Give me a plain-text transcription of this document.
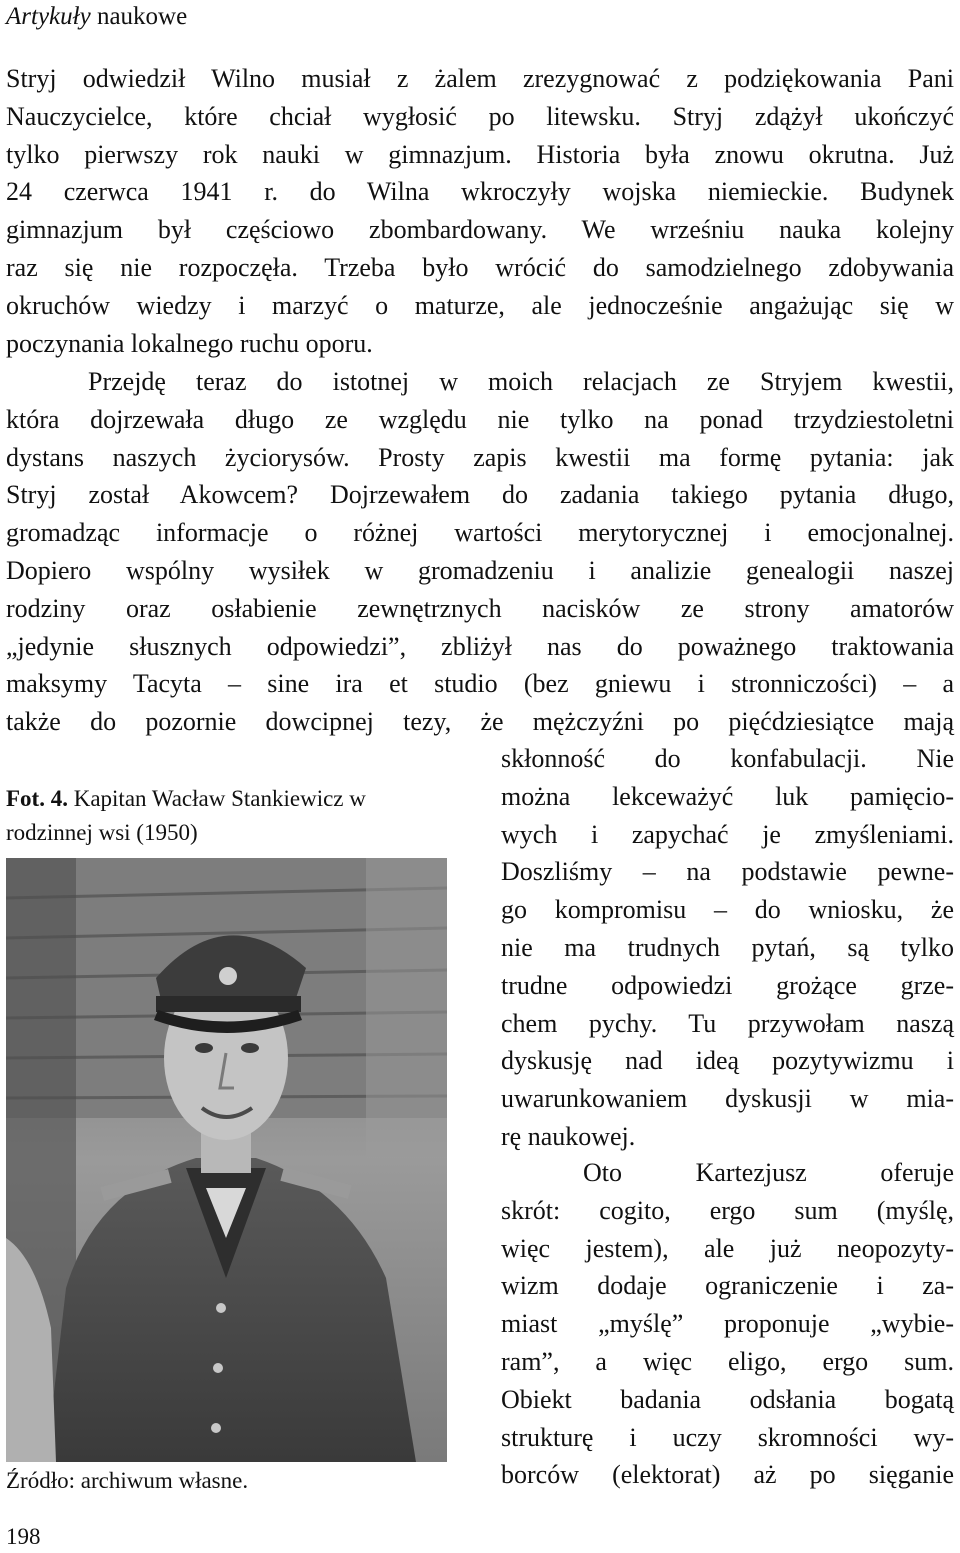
Artykuły naukowe
Stryj odwiedził Wilno musiał z żalem zrezygnować z podziękowania Pani
Nauczycielce, które chciał wygłosić po litewsku. Stryj zdążył ukończyć
tylko pierwszy rok nauki w gimnazjum. Historia była znowu okrutna. Już
24 czerwca 1941 r. do Wilna wkroczyły wojska niemieckie. Budynek
gimnazjum był częściowo zbombardowany. We wrześniu nauka kolejny
raz się nie rozpoczęła. Trzeba było wrócić do samodzielnego zdobywania
okruchów wiedzy i marzyć o maturze, ale jednocześnie angażując się w
poczynania lokalnego ruchu oporu.
Przejdę teraz do istotnej w moich relacjach ze Stryjem kwestii,
która dojrzewała długo ze względu nie tylko na ponad trzydziestoletni
dystans naszych życiorysów. Prosty zapis kwestii ma formę pytania: jak
Stryj został Akowcem? Dojrzewałem do zadania takiego pytania długo,
gromadząc informacje o różnej wartości merytorycznej i emocjonalnej.
Dopiero wspólny wysiłek w gromadzeniu i analizie genealogii naszej
rodziny oraz osłabienie zewnętrznych nacisków ze strony amatorów
„jedynie słusznych odpowiedzi”, zbliżył nas do poważnego traktowania
maksymy Tacyta – sine ira et studio (bez gniewu i stronniczości) – a
także do pozornie dowcipnej tezy, że mężczyźni po pięćdziesiątce mają
skłonność do konfabulacji. Nie
można lekceważyć luk pamięcio-
wych i zapychać je zmyśleniami.
Doszliśmy – na podstawie pewne-
go kompromisu – do wniosku, że
nie ma trudnych pytań, są tylko
trudne odpowiedzi grożące grze-
chem pychy. Tu przywołam naszą
dyskusję nad ideą pozytywizmu i
uwarunkowaniem dyskusji w mia-
rę naukowej.
Oto Kartezjusz oferuje
skrót: cogito, ergo sum (myślę,
więc jestem), ale już neopozyty-
wizm dodaje ograniczenie i za-
miast „myślę” proponuje „wybie-
ram”, a więc eligo, ergo sum.
Obiekt badania odsłania bogatą
strukturę i uczy skromności wy-
borców (elektorat) aż po sięganie
Fot. 4. Kapitan Wacław Stankiewicz w rodzinnej wsi (1950)
Źródło: archiwum własne.
198
